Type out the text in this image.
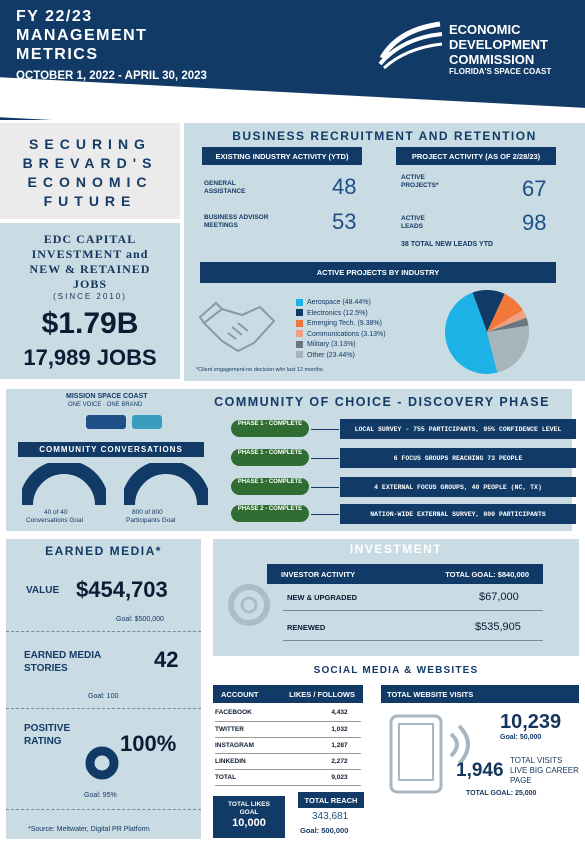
FY 22/23 MANAGEMENT METRICS
OCTOBER 1, 2022 - APRIL 30, 2023
ECONOMIC
DEVELOPMENT
COMMISSION
FLORIDA'S SPACE COAST
SECURING
BREVARD'S
ECONOMIC
FUTURE
EDC CAPITAL INVESTMENT and NEW & RETAINED JOBS
(SINCE 2010)
$1.79B
17,989 JOBS
BUSINESS RECRUITMENT AND RETENTION
EXISTING INDUSTRY ACTIVITY (YTD)	PROJECT ACTIVITY (AS OF 2/28/23)
GENERAL ASSISTANCE	48
BUSINESS ADVISOR MEETINGS	53
ACTIVE PROJECTS*	67
ACTIVE LEADS	98
38 TOTAL NEW LEADS YTD
ACTIVE PROJECTS BY INDUSTRY
Aerospace (48.44%)
Electronics (12.5%)
Emerging Tech. (9.38%)
Communications (3.13%)
Military (3.13%)
Other (23.44%)
*Client engagement-no decision w/in last 12 months.
MISSION SPACE COAST
ONE VOICE · ONE BRAND	COMMUNITY OF CHOICE - DISCOVERY PHASE
COMMUNITY CONVERSATIONS
40 of 40
Conversations Goal
800 of 800
Participants Goal
PHASE 1 - COMPLETE
LOCAL SURVEY - 755 PARTICIPANTS, 95% CONFIDENCE LEVEL
PHASE 1 - COMPLETE
6 FOCUS GROUPS REACHING 73 PEOPLE
PHASE 1 - COMPLETE
4 EXTERNAL FOCUS GROUPS, 40 PEOPLE (NC, TX)
PHASE 2 - COMPLETE
NATION-WIDE EXTERNAL SURVEY, 800 PARTICIPANTS
EARNED MEDIA*
VALUE $454,703
Goal: $500,000
EARNED MEDIA STORIES	42
Goal: 100
POSITIVE RATING	100%
Goal: 95%
*Source: Meltwater, Digital PR Platform
INVESTMENT
INVESTOR ACTIVITY	TOTAL GOAL: $840,000
NEW & UPGRADED	$67,000
RENEWED	$535,905
SOCIAL MEDIA & WEBSITES
ACCOUNT	LIKES / FOLLOWS
FACEBOOK	4,432
TWITTER	1,032
INSTAGRAM	1,287
LINKEDIN	2,272
TOTAL	9,023
TOTAL LIKES GOAL
10,000
TOTAL REACH
343,681
Goal: 500,000
TOTAL WEBSITE VISITS
10,239
Goal: 50,000
1,946 TOTAL VISITS LIVE BIG CAREER PAGE
TOTAL GOAL: 25,000
